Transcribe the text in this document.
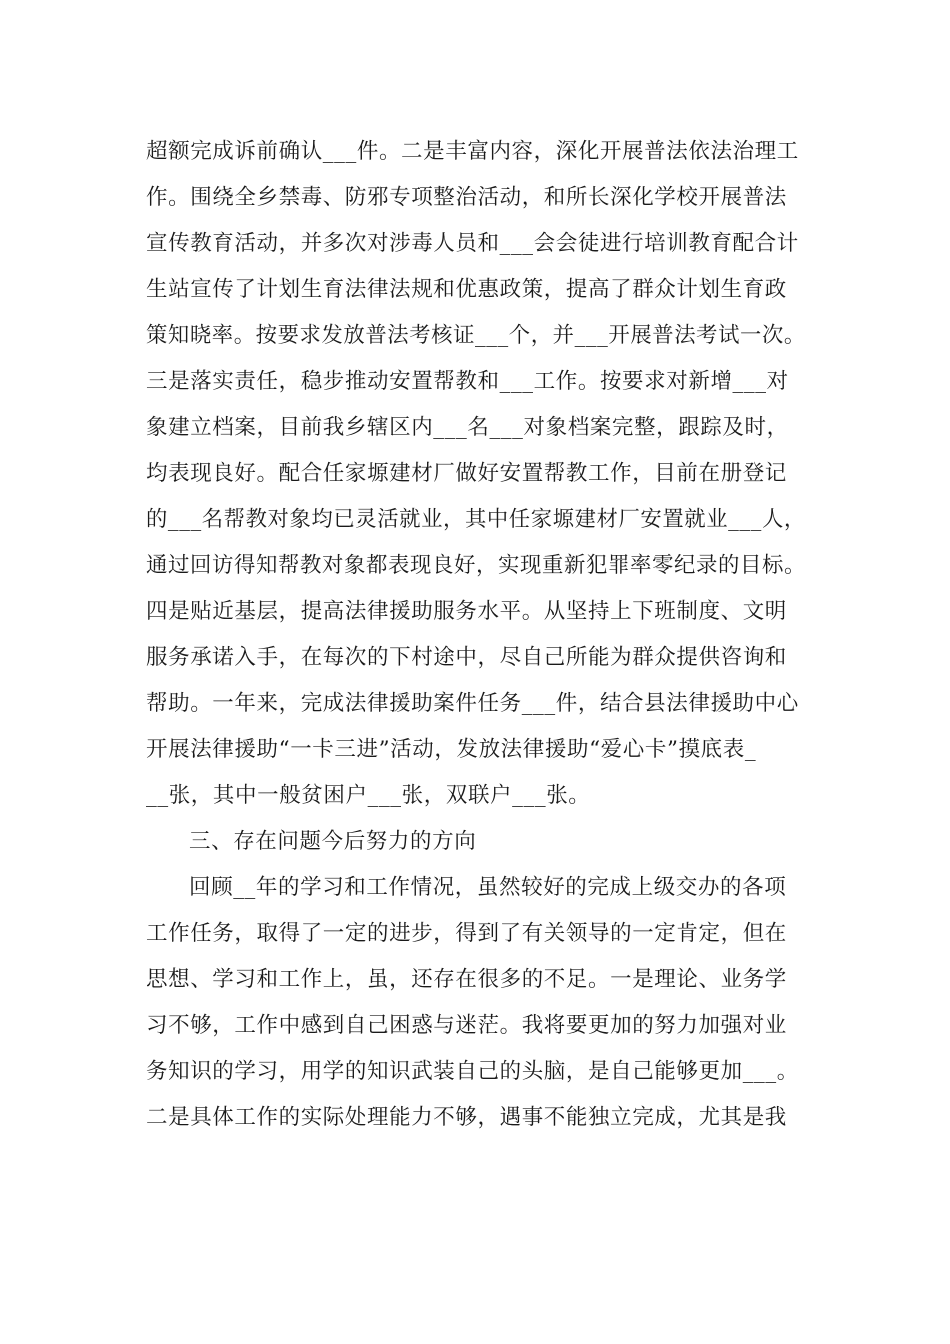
超额完成诉前确认___件。二是丰富内容，深化开展普法依法治理工
作。围绕全乡禁毒、防邪专项整治活动，和所长深化学校开展普法
宣传教育活动，并多次对涉毒人员和___会会徒进行培训教育配合计
生站宣传了计划生育法律法规和优惠政策，提高了群众计划生育政
策知晓率。按要求发放普法考核证___个，并___开展普法考试一次。
三是落实责任，稳步推动安置帮教和___工作。按要求对新增___对
象建立档案，目前我乡辖区内___名___对象档案完整，跟踪及时，
均表现良好。配合任家塬建材厂做好安置帮教工作，目前在册登记
的___名帮教对象均已灵活就业，其中任家塬建材厂安置就业___人，
通过回访得知帮教对象都表现良好，实现重新犯罪率零纪录的目标。
四是贴近基层，提高法律援助服务水平。从坚持上下班制度、文明
服务承诺入手，在每次的下村途中，尽自己所能为群众提供咨询和
帮助。一年来，完成法律援助案件任务___件，结合县法律援助中心
开展法律援助“一卡三进”活动，发放法律援助“爱心卡”摸底表_
__张，其中一般贫困户___张，双联户___张。
三、存在问题今后努力的方向
回顾__年的学习和工作情况，虽然较好的完成上级交办的各项
工作任务，取得了一定的进步，得到了有关领导的一定肯定，但在
思想、学习和工作上，虽，还存在很多的不足。一是理论、业务学
习不够，工作中感到自己困惑与迷茫。我将要更加的努力加强对业
务知识的学习，用学的知识武装自己的头脑，是自己能够更加___。
二是具体工作的实际处理能力不够，遇事不能独立完成，尤其是我
